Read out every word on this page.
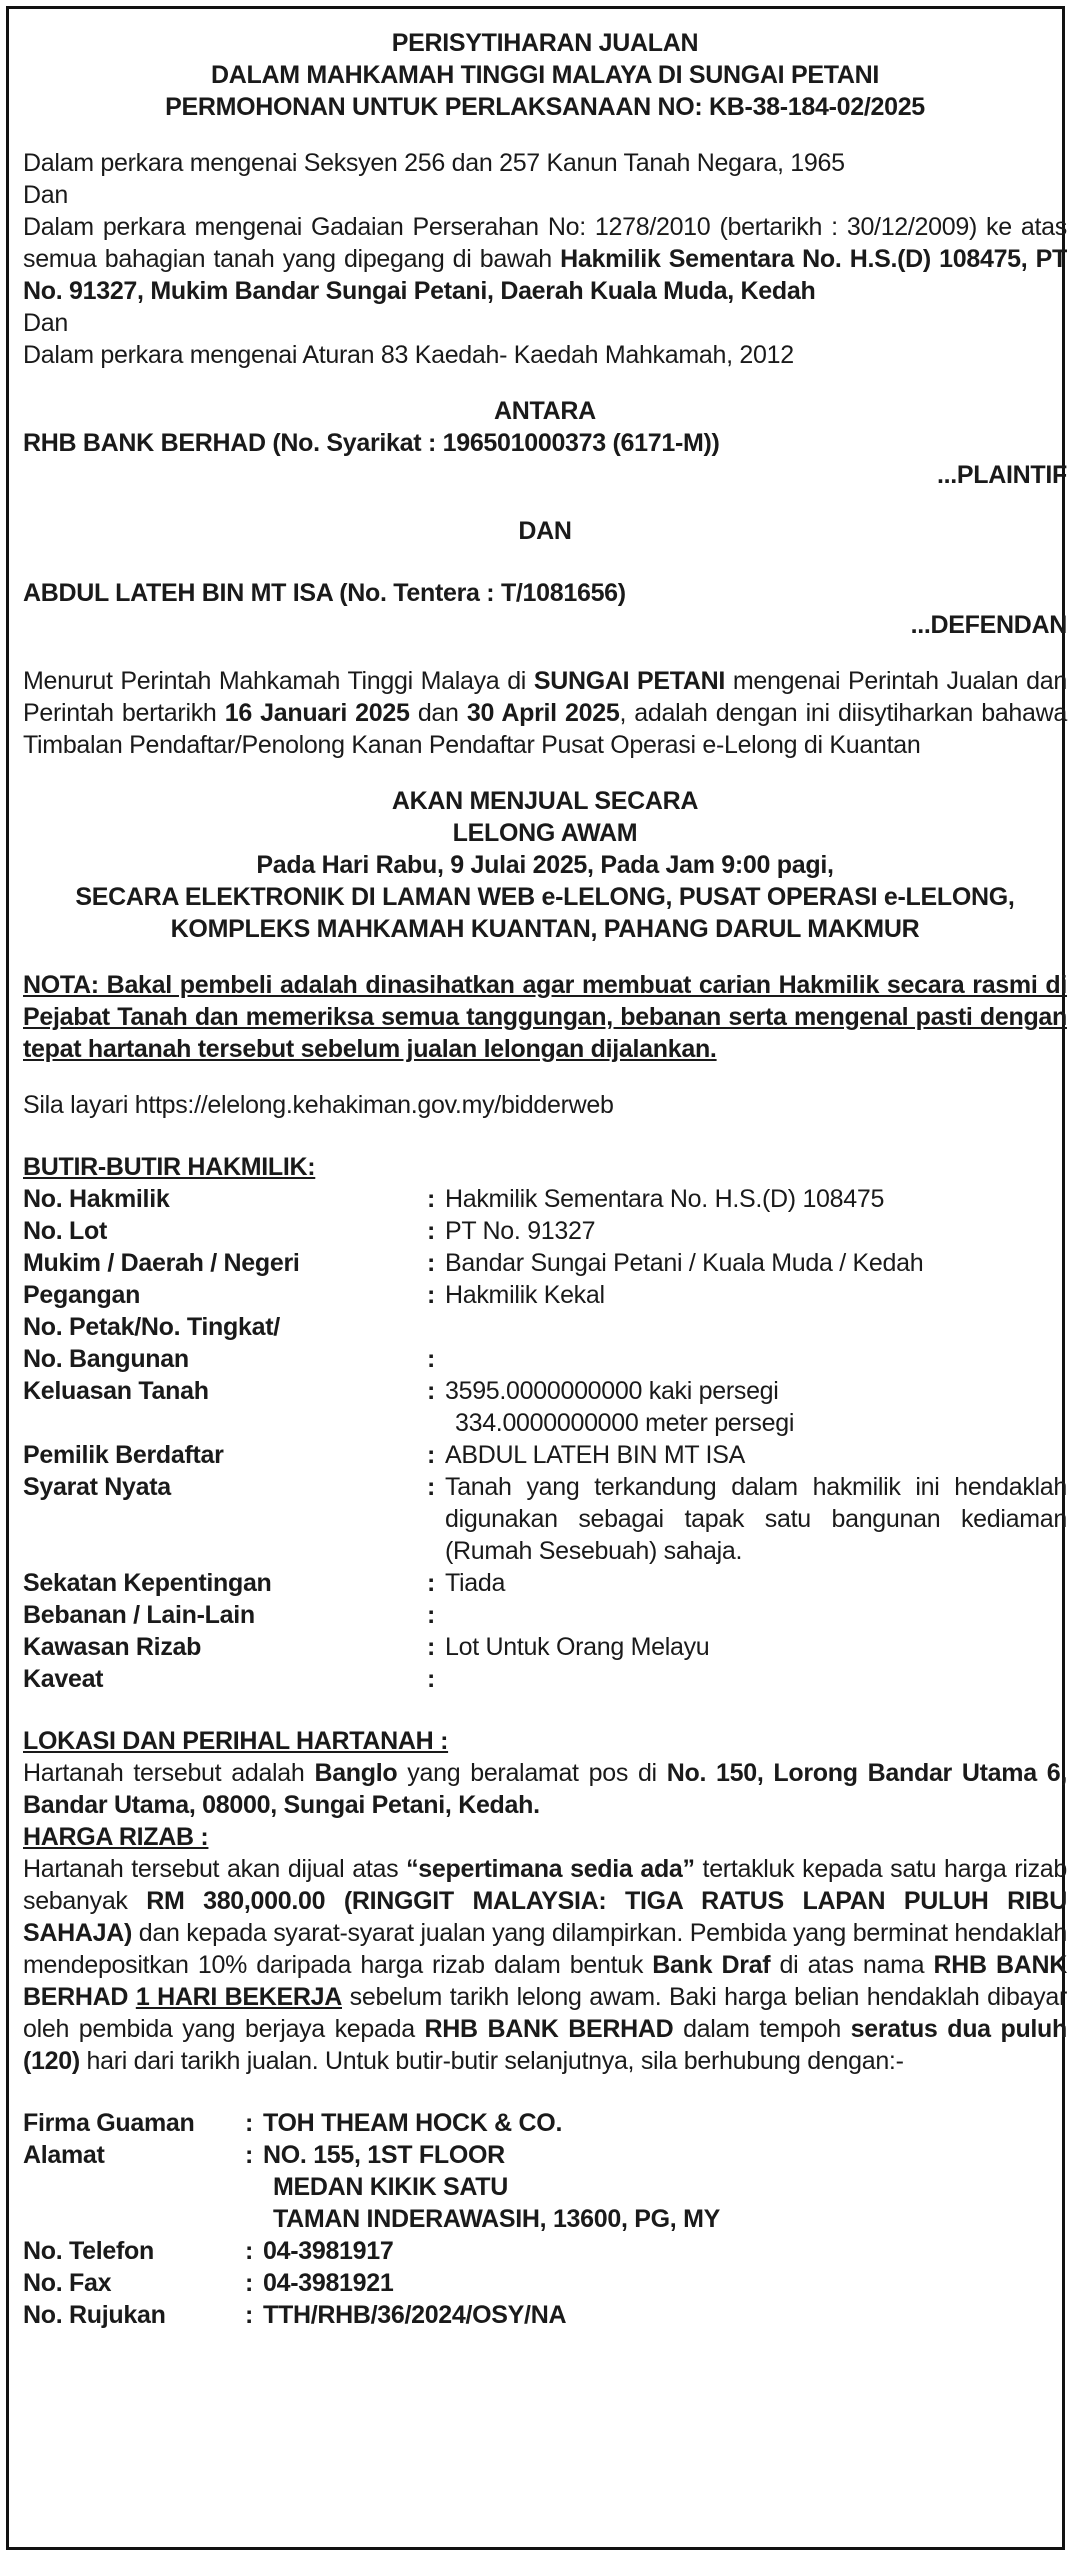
PERISYTIHARAN JUALAN
DALAM MAHKAMAH TINGGI MALAYA DI SUNGAI PETANI
PERMOHONAN UNTUK PERLAKSANAAN NO: KB-38-184-02/2025

Dalam perkara mengenai Seksyen 256 dan 257 Kanun Tanah Negara, 1965

Dan

Dalam perkara mengenai Gadaian Perserahan No: 1278/2010 (bertarikh : 30/12/2009) ke atas semua bahagian tanah yang dipegang di bawah Hakmilik Sementara No. H.S.(D) 108475, PT No. 91327, Mukim Bandar Sungai Petani, Daerah Kuala Muda, Kedah

Dan

Dalam perkara mengenai Aturan 83 Kaedah- Kaedah Mahkamah, 2012

ANTARA

RHB BANK BERHAD (No. Syarikat : 196501000373 (6171-M))

...PLAINTIF

DAN

ABDUL LATEH BIN MT ISA (No. Tentera : T/1081656)

...DEFENDAN

Menurut Perintah Mahkamah Tinggi Malaya di SUNGAI PETANI mengenai Perintah Jualan dan Perintah bertarikh 16 Januari 2025 dan 30 April 2025, adalah dengan ini diisytiharkan bahawa Timbalan Pendaftar/Penolong Kanan Pendaftar Pusat Operasi e-Lelong di Kuantan

AKAN MENJUAL SECARA

LELONG AWAM

Pada Hari Rabu, 9 Julai 2025, Pada Jam 9:00 pagi,

SECARA ELEKTRONIK DI LAMAN WEB e-LELONG, PUSAT OPERASI e-LELONG,

KOMPLEKS MAHKAMAH KUANTAN, PAHANG DARUL MAKMUR

NOTA: Bakal pembeli adalah dinasihatkan agar membuat carian Hakmilik secara rasmi di Pejabat Tanah dan memeriksa semua tanggungan, bebanan serta mengenal pasti dengan tepat hartanah tersebut sebelum jualan lelongan dijalankan.

Sila layari https://elelong.kehakiman.gov.my/bidderweb

BUTIR-BUTIR HAKMILIK:

No. Hakmilik	:	Hakmilik Sementara No. H.S.(D) 108475
No. Lot	:	PT No. 91327
Mukim / Daerah / Negeri	:	Bandar Sungai Petani / Kuala Muda / Kedah
Pegangan	:	Hakmilik Kekal
No. Petak/No. Tingkat/		
No. Bangunan	:	
Keluasan Tanah	:	3595.0000000000 kaki persegi
		334.0000000000 meter persegi
Pemilik Berdaftar	:	ABDUL LATEH BIN MT ISA
Syarat Nyata	:	Tanah yang terkandung dalam hakmilik ini hendaklah digunakan sebagai tapak satu bangunan kediaman (Rumah Sesebuah) sahaja.
Sekatan Kepentingan	:	Tiada
Bebanan / Lain-Lain	:	
Kawasan Rizab	:	Lot Untuk Orang Melayu
Kaveat	:	

LOKASI DAN PERIHAL HARTANAH :

Hartanah tersebut adalah Banglo yang beralamat pos di No. 150, Lorong Bandar Utama 6, Bandar Utama, 08000, Sungai Petani, Kedah.

HARGA RIZAB :

Hartanah tersebut akan dijual atas “sepertimana sedia ada” tertakluk kepada satu harga rizab sebanyak RM 380,000.00 (RINGGIT MALAYSIA: TIGA RATUS LAPAN PULUH RIBU SAHAJA) dan kepada syarat-syarat jualan yang dilampirkan. Pembida yang berminat hendaklah mendepositkan 10% daripada harga rizab dalam bentuk Bank Draf di atas nama RHB BANK BERHAD 1 HARI BEKERJA sebelum tarikh lelong awam. Baki harga belian hendaklah dibayar oleh pembida yang berjaya kepada RHB BANK BERHAD dalam tempoh seratus dua puluh (120) hari dari tarikh jualan. Untuk butir-butir selanjutnya, sila berhubung dengan:-

Firma Guaman	:	TOH THEAM HOCK & CO.
Alamat	:	NO. 155, 1ST FLOOR
		MEDAN KIKIK SATU
		TAMAN INDERAWASIH, 13600, PG, MY
No. Telefon	:	04-3981917
No. Fax	:	04-3981921
No. Rujukan	:	TTH/RHB/36/2024/OSY/NA
